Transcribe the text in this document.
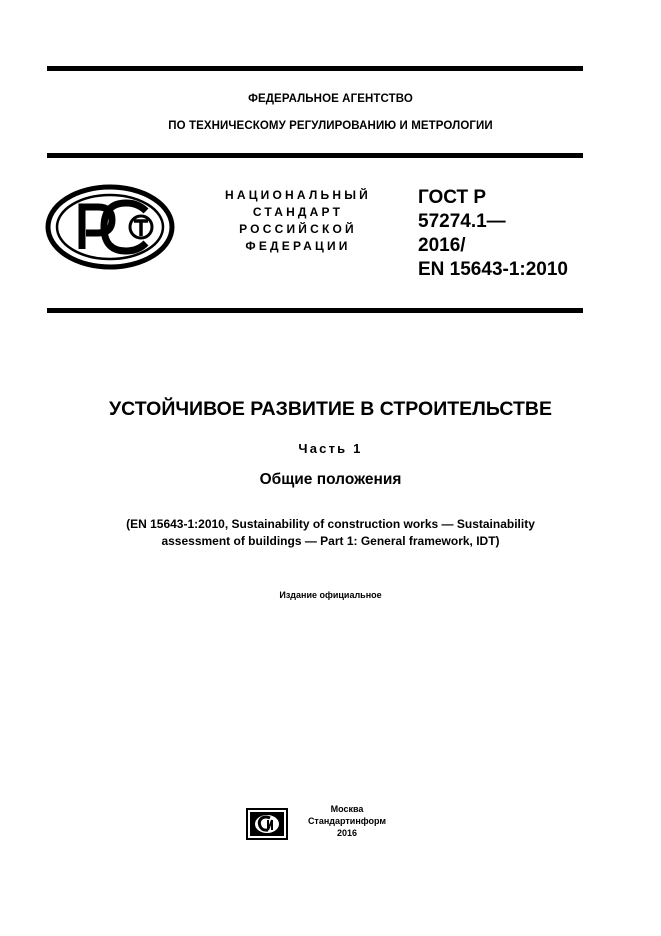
ФЕДЕРАЛЬНОЕ АГЕНТСТВО
ПО ТЕХНИЧЕСКОМУ РЕГУЛИРОВАНИЮ И МЕТРОЛОГИИ
НАЦИОНАЛЬНЫЙ
СТАНДАРТ
РОССИЙСКОЙ
ФЕДЕРАЦИИ
ГОСТ Р
57274.1—
2016/
EN 15643-1:2010
УСТОЙЧИВОЕ РАЗВИТИЕ В СТРОИТЕЛЬСТВЕ
Часть 1
Общие положения
(EN 15643-1:2010, Sustainability of construction works — Sustainability
assessment of buildings — Part 1: General framework, IDT)
Издание официальное
Москва
Стандартинформ
2016
